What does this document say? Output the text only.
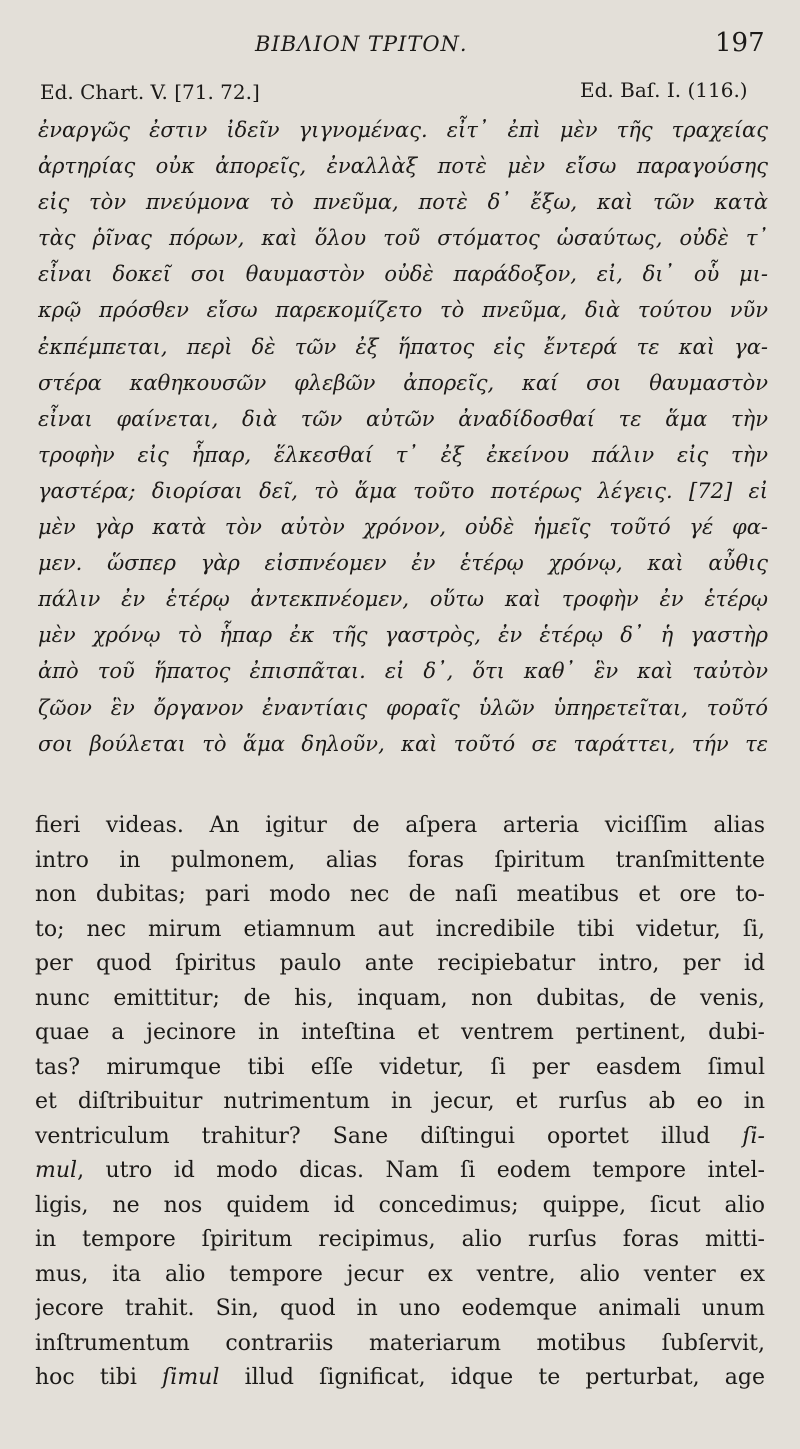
ΒΙΒΛΙΟΝ ΤΡΙΤΟΝ.	197
Ed. Chart. V. [71. 72.]	Ed. Baſ. I. (116.)
ἐναργῶς ἐστιν ἰδεῖν γιγνομένας. εἶτ᾿ ἐπὶ μὲν τῆς τραχείας
ἀρτηρίας οὐκ ἀπορεῖς, ἐναλλὰξ ποτὲ μὲν εἴσω παραγούσης
εἰς τὸν πνεύμονα τὸ πνεῦμα, ποτὲ δ᾿ ἔξω, καὶ τῶν κατὰ
τὰς ῥῖνας πόρων, καὶ ὅλου τοῦ στόματος ὡσαύτως, οὐδὲ τ᾿
εἶναι δοκεῖ σοι θαυμαστὸν οὐδὲ παράδοξον, εἰ, δι᾿ οὗ μι-
κρῷ πρόσθεν εἴσω παρεκομίζετο τὸ πνεῦμα, διὰ τούτου νῦν
ἐκπέμπεται, περὶ δὲ τῶν ἐξ ἥπατος εἰς ἔντερά τε καὶ γα-
στέρα καθηκουσῶν φλεβῶν ἀπορεῖς, καί σοι θαυμαστὸν
εἶναι φαίνεται, διὰ τῶν αὐτῶν ἀναδίδοσθαί τε ἅμα τὴν
τροφὴν εἰς ἧπαρ, ἕλκεσθαί τ᾿ ἐξ ἐκείνου πάλιν εἰς τὴν
γαστέρα; διορίσαι δεῖ, τὸ ἅμα τοῦτο ποτέρως λέγεις. [72] εἰ
μὲν γὰρ κατὰ τὸν αὐτὸν χρόνον, οὐδὲ ἡμεῖς τοῦτό γέ φα-
μεν. ὥσπερ γὰρ εἰσπνέομεν ἐν ἑτέρῳ χρόνῳ, καὶ αὖθις
πάλιν ἐν ἑτέρῳ ἀντεκπνέομεν, οὕτω καὶ τροφὴν ἐν ἑτέρῳ
μὲν χρόνῳ τὸ ἧπαρ ἐκ τῆς γαστρὸς, ἐν ἑτέρῳ δ᾿ ἡ γαστὴρ
ἀπὸ τοῦ ἥπατος ἐπισπᾶται. εἰ δ᾿, ὅτι καθ᾿ ἓν καὶ ταὐτὸν
ζῶον ἓν ὄργανον ἐναντίαις φοραῖς ὑλῶν ὑπηρετεῖται, τοῦτό
σοι βούλεται τὸ ἅμα δηλοῦν, καὶ τοῦτό σε ταράττει, τήν τε
fieri videas. An igitur de aſpera arteria viciſſim alias
intro in pulmonem, alias foras ſpiritum tranſmittente
non dubitas; pari modo nec de naſi meatibus et ore to-
to; nec mirum etiamnum aut incredibile tibi videtur, ſi,
per quod ſpiritus paulo ante recipiebatur intro, per id
nunc emittitur; de his, inquam, non dubitas, de venis,
quae a jecinore in inteſtina et ventrem pertinent, dubi-
tas? mirumque tibi eſſe videtur, ſi per easdem ſimul
et diſtribuitur nutrimentum in jecur, et rurſus ab eo in
ventriculum trahitur? Sane diſtingui oportet illud ſi-
mul, utro id modo dicas. Nam ſi eodem tempore intel-
ligis, ne nos quidem id concedimus; quippe, ſicut alio
in tempore ſpiritum recipimus, alio rurſus foras mitti-
mus, ita alio tempore jecur ex ventre, alio venter ex
jecore trahit. Sin, quod in uno eodemque animali unum
inſtrumentum contrariis materiarum motibus ſubſervit,
hoc tibi ſimul illud ſignificat, idque te perturbat, age
